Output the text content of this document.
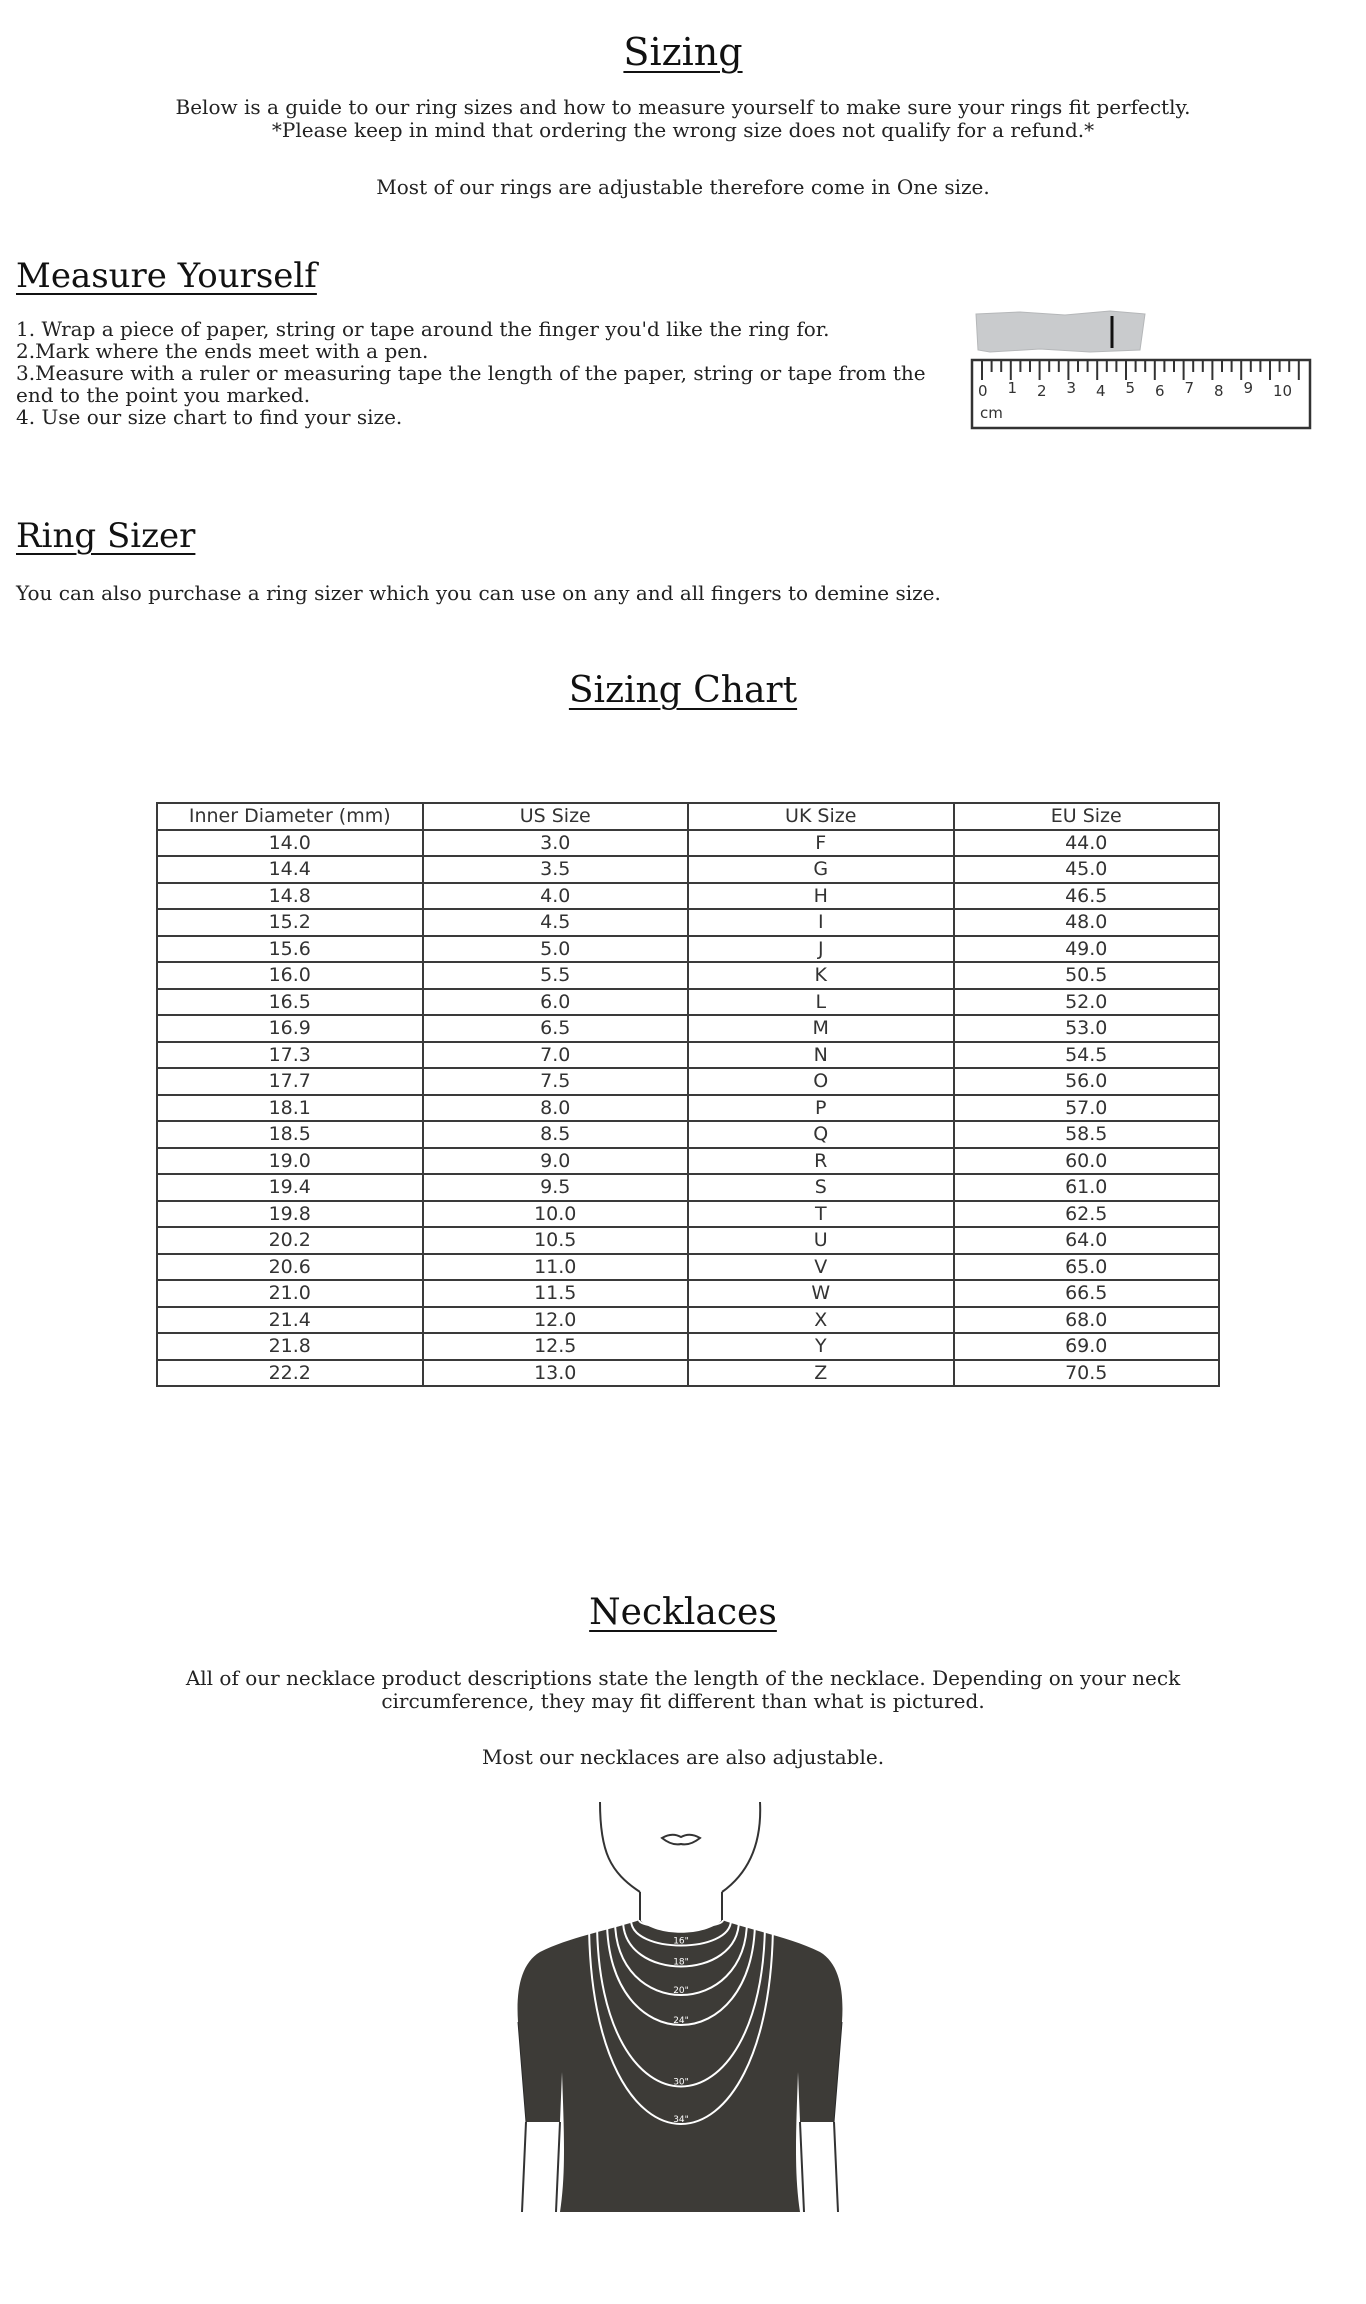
Sizing

Below is a guide to our ring sizes and how to measure yourself to make sure your rings fit perfectly.

*Please keep in mind that ordering the wrong size does not qualify for a refund.*

Most of our rings are adjustable therefore come in One size.

Measure Yourself

1. Wrap a piece of paper, string or tape around the finger you'd like the ring for.

2.Mark where the ends meet with a pen.

3.Measure with a ruler or measuring tape the length of the paper, string or tape from the

end to the point you marked.

4. Use our size chart to find your size.

0 1 2 3 4 5 6 7 8 9 10
cm
Ring Sizer

You can also purchase a ring sizer which you can use on any and all fingers to demine size.

Sizing Chart
Inner Diameter (mm)	US Size	UK Size	EU Size
14.0	3.0	F	44.0
14.4	3.5	G	45.0
14.8	4.0	H	46.5
15.2	4.5	I	48.0
15.6	5.0	J	49.0
16.0	5.5	K	50.5
16.5	6.0	L	52.0
16.9	6.5	M	53.0
17.3	7.0	N	54.5
17.7	7.5	O	56.0
18.1	8.0	P	57.0
18.5	8.5	Q	58.5
19.0	9.0	R	60.0
19.4	9.5	S	61.0
19.8	10.0	T	62.5
20.2	10.5	U	64.0
20.6	11.0	V	65.0
21.0	11.5	W	66.5
21.4	12.0	X	68.0
21.8	12.5	Y	69.0
22.2	13.0	Z	70.5
Necklaces

All of our necklace product descriptions state the length of the necklace. Depending on your neck

circumference, they may fit different than what is pictured.

Most our necklaces are also adjustable.

14"
16"
18"
20"
24"
30"
34"
